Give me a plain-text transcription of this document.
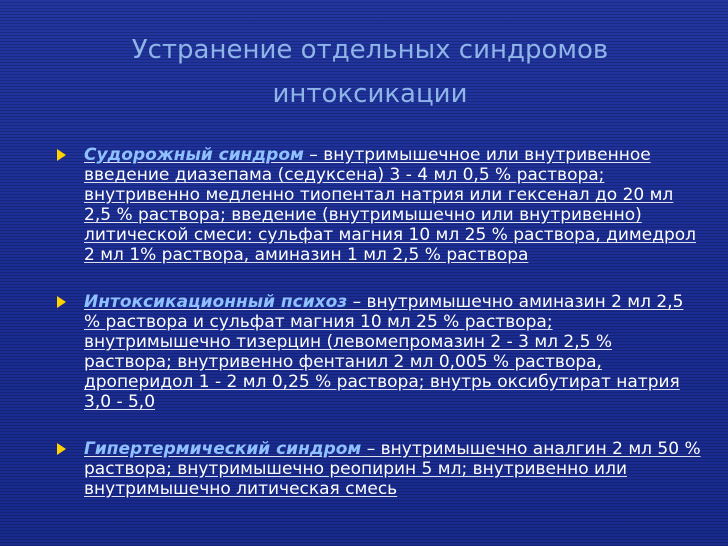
Устранение отдельных синдромов
интоксикации
Судорожный синдром – внутримышечное или внутривенное введение диазепама (седуксена) 3 - 4 мл 0,5 % раствора; внутривенно медленно тиопентал натрия или гексенал до 20 мл 2,5 % раствора; введение (внутримышечно или внутривенно) литической смеси: сульфат магния 10 мл 25 % раствора, димедрол 2 мл 1% раствора, аминазин 1 мл 2,5 % раствора
Интоксикационный психоз – внутримышечно аминазин 2 мл 2,5 % раствора и сульфат магния 10 мл 25 % раствора; внутримышечно тизерцин (левомепромазин 2 - 3 мл 2,5 % раствора; внутривенно фентанил 2 мл 0,005 % раствора, дроперидол 1 - 2 мл 0,25 % раствора; внутрь оксибутират натрия 3,0 - 5,0
Гипертермический синдром – внутримышечно аналгин 2 мл 50 % раствора; внутримышечно реопирин 5 мл; внутривенно или внутримышечно литическая смесь
